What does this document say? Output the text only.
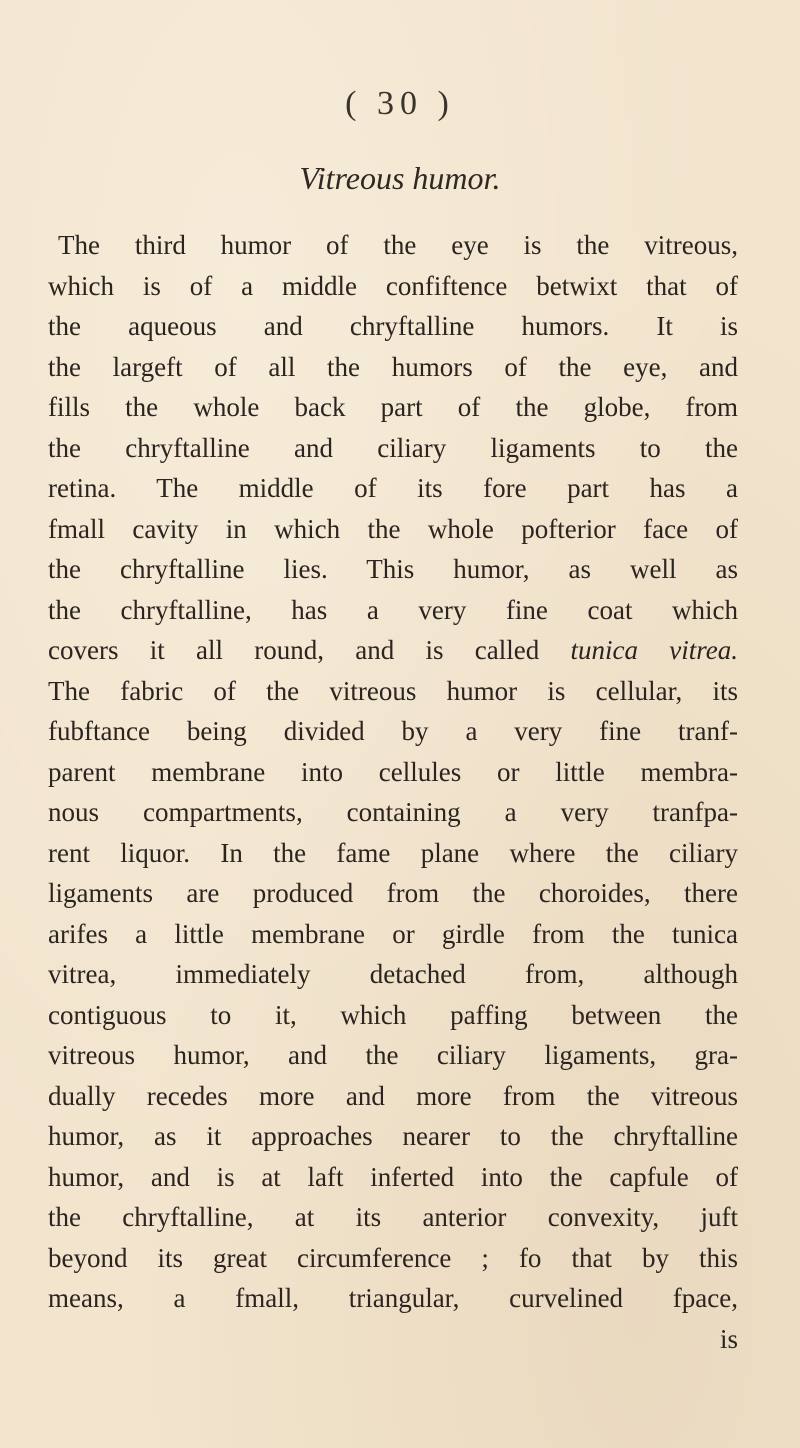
( 30 )
Vitreous humor.
The third humor of the eye is the vitreous,
which is of a middle confiftence betwixt that of
the aqueous and chryftalline humors. It is
the largeft of all the humors of the eye, and
fills the whole back part of the globe, from
the chryftalline and ciliary ligaments to the
retina. The middle of its fore part has a
fmall cavity in which the whole pofterior face of
the chryftalline lies. This humor, as well as
the chryftalline, has a very fine coat which
covers it all round, and is called tunica vitrea.
The fabric of the vitreous humor is cellular, its
fubftance being divided by a very fine tranf-
parent membrane into cellules or little membra-
nous compartments, containing a very tranfpa-
rent liquor. In the fame plane where the ciliary
ligaments are produced from the choroides, there
arifes a little membrane or girdle from the tunica
vitrea, immediately detached from, although
contiguous to it, which paffing between the
vitreous humor, and the ciliary ligaments, gra-
dually recedes more and more from the vitreous
humor, as it approaches nearer to the chryftalline
humor, and is at laft inferted into the capfule of
the chryftalline, at its anterior convexity, juft
beyond its great circumference ; fo that by this
means, a fmall, triangular, curvelined fpace,
is
